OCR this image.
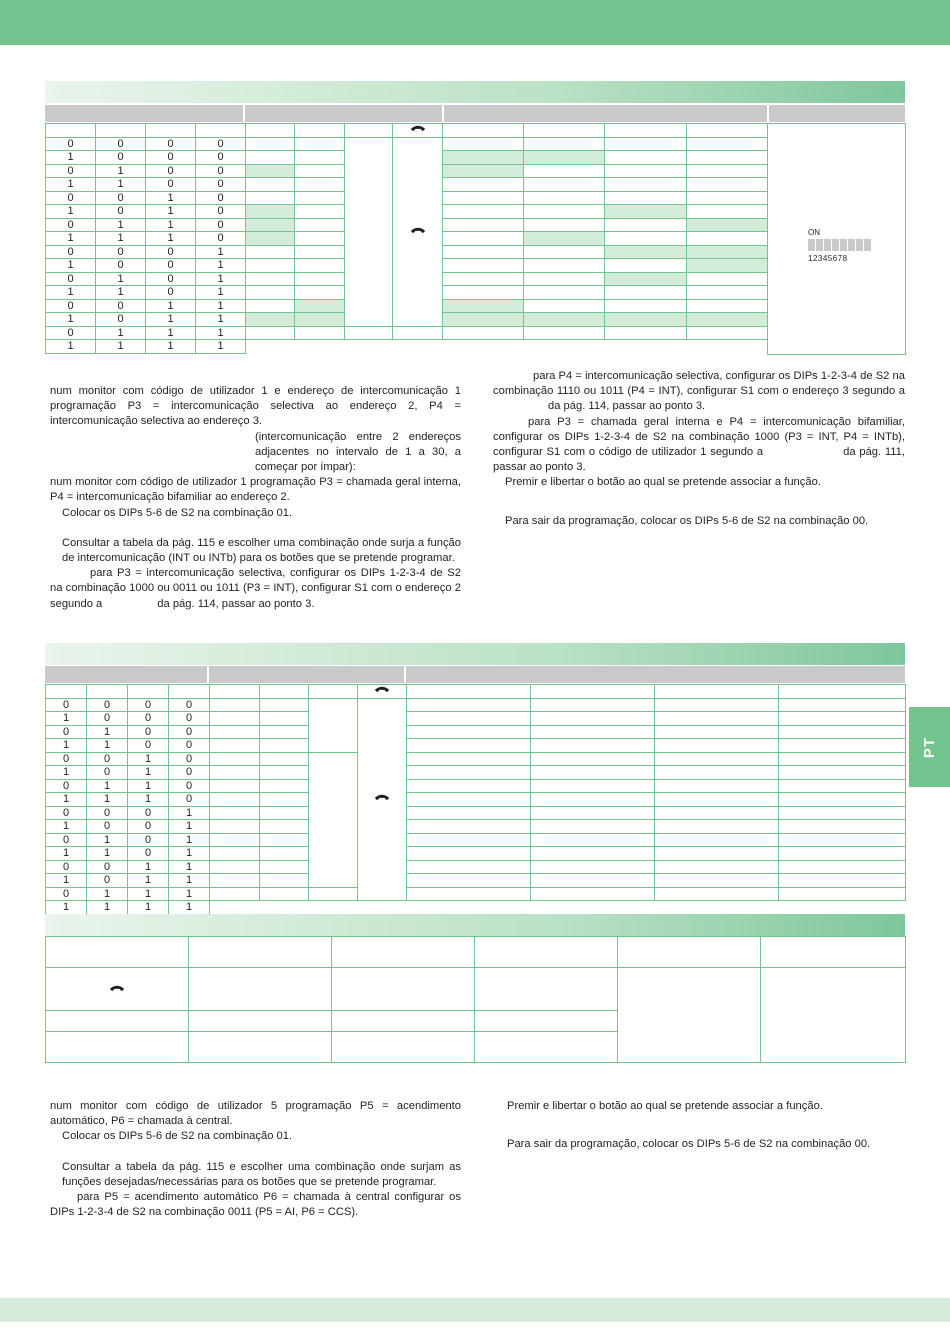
0	0	0	0								
1	0	0	0									
0	1	0	0									
1	1	0	0									
0	0	1	0									
1	0	1	0									
0	1	1	0									
1	1	1	0									
0	0	0	1									
1	0	0	1									
0	1	0	1									
1	1	0	1									
0	0	1	1									
1	0	1	1									
0	1	1	1									
1	1	1	1									

ON
12345678

num monitor com código de utilizador 1 e endereço de intercomunicação 1 programação P3 = intercomunicação selectiva ao endereço 2, P4 = intercomunicação selectiva ao endereço 3.

(intercomunicação entre 2 endereços adjacentes no intervalo de 1 a 30, a começar por ímpar):

num monitor com código de utilizador 1 programação P3 = chamada geral interna, P4 = intercomunicação bifamiliar ao endereço 2.

Colocar os DIPs 5-6 de S2 na combinação 01.

Consultar a tabela da pág. 115 e escolher uma combinação onde surja a função de intercomunicação (INT ou INTb) para os botões que se pretende programar.

para P3 = intercomunicação selectiva, configurar os DIPs 1-2-3-4 de S2 na combinação 1000 ou 0011 ou 1011 (P3 = INT), configurar S1 com o endereço 2 segundo a	da pág. 114, passar ao ponto 3.

para P4 = intercomunicação selectiva, configurar os DIPs 1-2-3-4 de S2 na combinação 1110 ou 1011 (P4 = INT), configurar S1 com o endereço 3 segundo ada pág. 114, passar ao ponto 3.

para P3 = chamada geral interna e P4 = intercomunicação bifamiliar, configurar os DIPs 1-2-3-4 de S2 na combinação 1000 (P3 = INT, P4 = INTb), configurar S1 com o código de utilizador 1 segundo a	da pág. 111, passar ao ponto 3.

Premir e libertar o botão ao qual se pretende associar a função.

Para sair da programação, colocar os DIPs 5-6 de S2 na combinação 00.

0	0	0	0								
1	0	0	0								
0	1	0	0								
1	1	0	0								
0	0	1	0								
1	0	1	0								
0	1	1	0								
1	1	1	0								
0	0	0	1								
1	0	0	1								
0	1	0	1								
1	1	0	1								
0	0	1	1								
1	0	1	1								
0	1	1	1								
1	1	1	1								

num monitor com código de utilizador 5 programação P5 = acendimento automático, P6 = chamada à central.

Colocar os DIPs 5-6 de S2 na combinação 01.

Consultar a tabela da pág. 115 e escolher uma combinação onde surjam as funções desejadas/necessárias para os botões que se pretende programar.

para P5 = acendimento automático P6 = chamada à central configurar os DIPs 1-2-3-4 de S2 na combinação 0011 (P5 = AI, P6 = CCS).

Premir e libertar o botão ao qual se pretende associar a função.

Para sair da programação, colocar os DIPs 5-6 de S2 na combinação 00.

PT
